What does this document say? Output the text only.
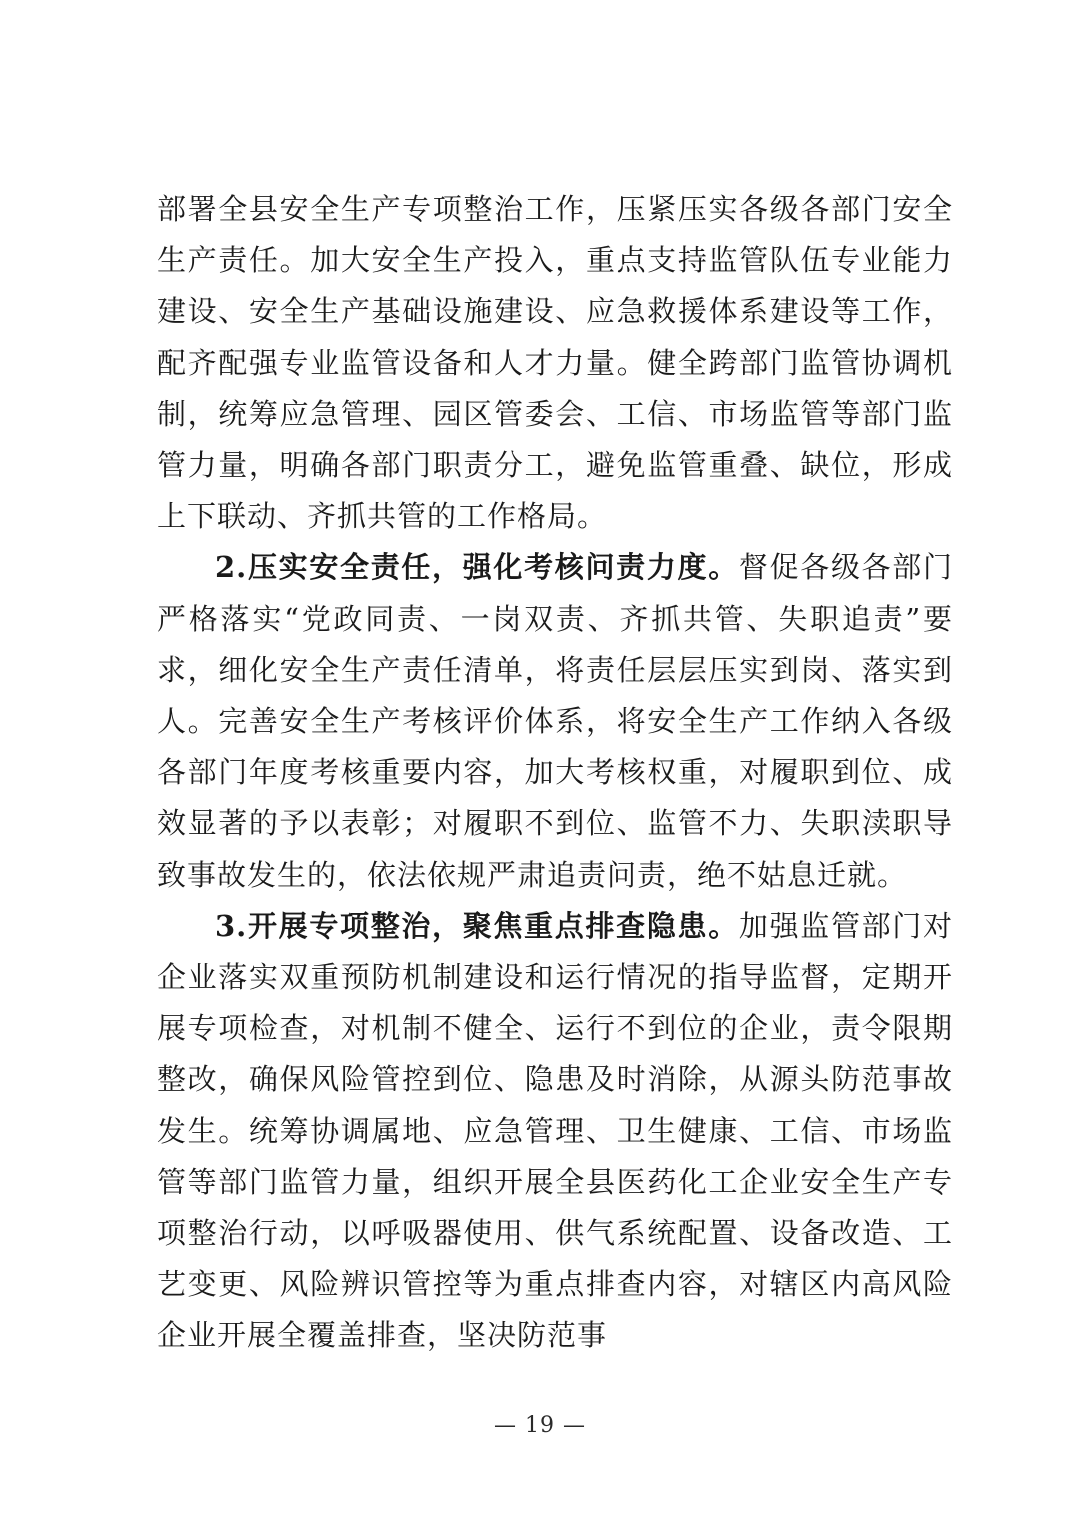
部署全县安全生产专项整治工作，压紧压实各级各部门安全生产责任。加大安全生产投入，重点支持监管队伍专业能力建设、安全生产基础设施建设、应急救援体系建设等工作，配齐配强专业监管设备和人才力量。健全跨部门监管协调机制，统筹应急管理、园区管委会、工信、市场监管等部门监管力量，明确各部门职责分工，避免监管重叠、缺位，形成上下联动、齐抓共管的工作格局。

2.压实安全责任，强化考核问责力度。督促各级各部门严格落实“党政同责、一岗双责、齐抓共管、失职追责”要求，细化安全生产责任清单，将责任层层压实到岗、落实到人。完善安全生产考核评价体系，将安全生产工作纳入各级各部门年度考核重要内容，加大考核权重，对履职到位、成效显著的予以表彰；对履职不到位、监管不力、失职渎职导致事故发生的，依法依规严肃追责问责，绝不姑息迁就。

3.开展专项整治，聚焦重点排查隐患。加强监管部门对企业落实双重预防机制建设和运行情况的指导监督，定期开展专项检查，对机制不健全、运行不到位的企业，责令限期整改，确保风险管控到位、隐患及时消除，从源头防范事故发生。统筹协调属地、应急管理、卫生健康、工信、市场监管等部门监管力量，组织开展全县医药化工企业安全生产专项整治行动，以呼吸器使用、供气系统配置、设备改造、工艺变更、风险辨识管控等为重点排查内容，对辖区内高风险企业开展全覆盖排查，坚决防范事

— 19 —
